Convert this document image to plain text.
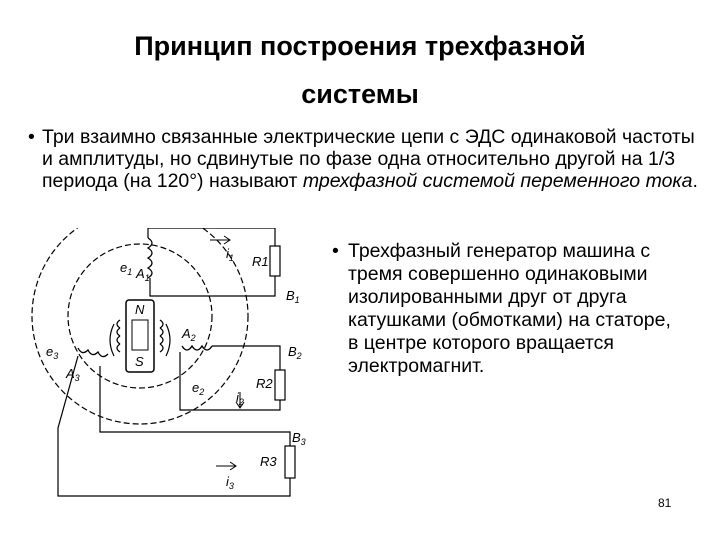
Принцип построения трехфазной
системы
• Три взаимно связанные электрические цепи с ЭДС одинаковой частоты и амплитуды, но сдвинутые по фазе одна относительно другой на 1/3 периода (на 120°) называют трехфазной системой переменного тока.
N
S
$e_1$ $A_1$
$i_1$ R1
$B_1$
$A_2$
$e_2$ $i_2$
R2
$B_2$
$e_3$
$A_3$
$i_3$
R3
$B_3$
• Трехфазный генератор машина с тремя совершенно одинаковыми изолированными друг от друга катушками (обмотками) на статоре, в центре которого вращается электромагнит.
81
